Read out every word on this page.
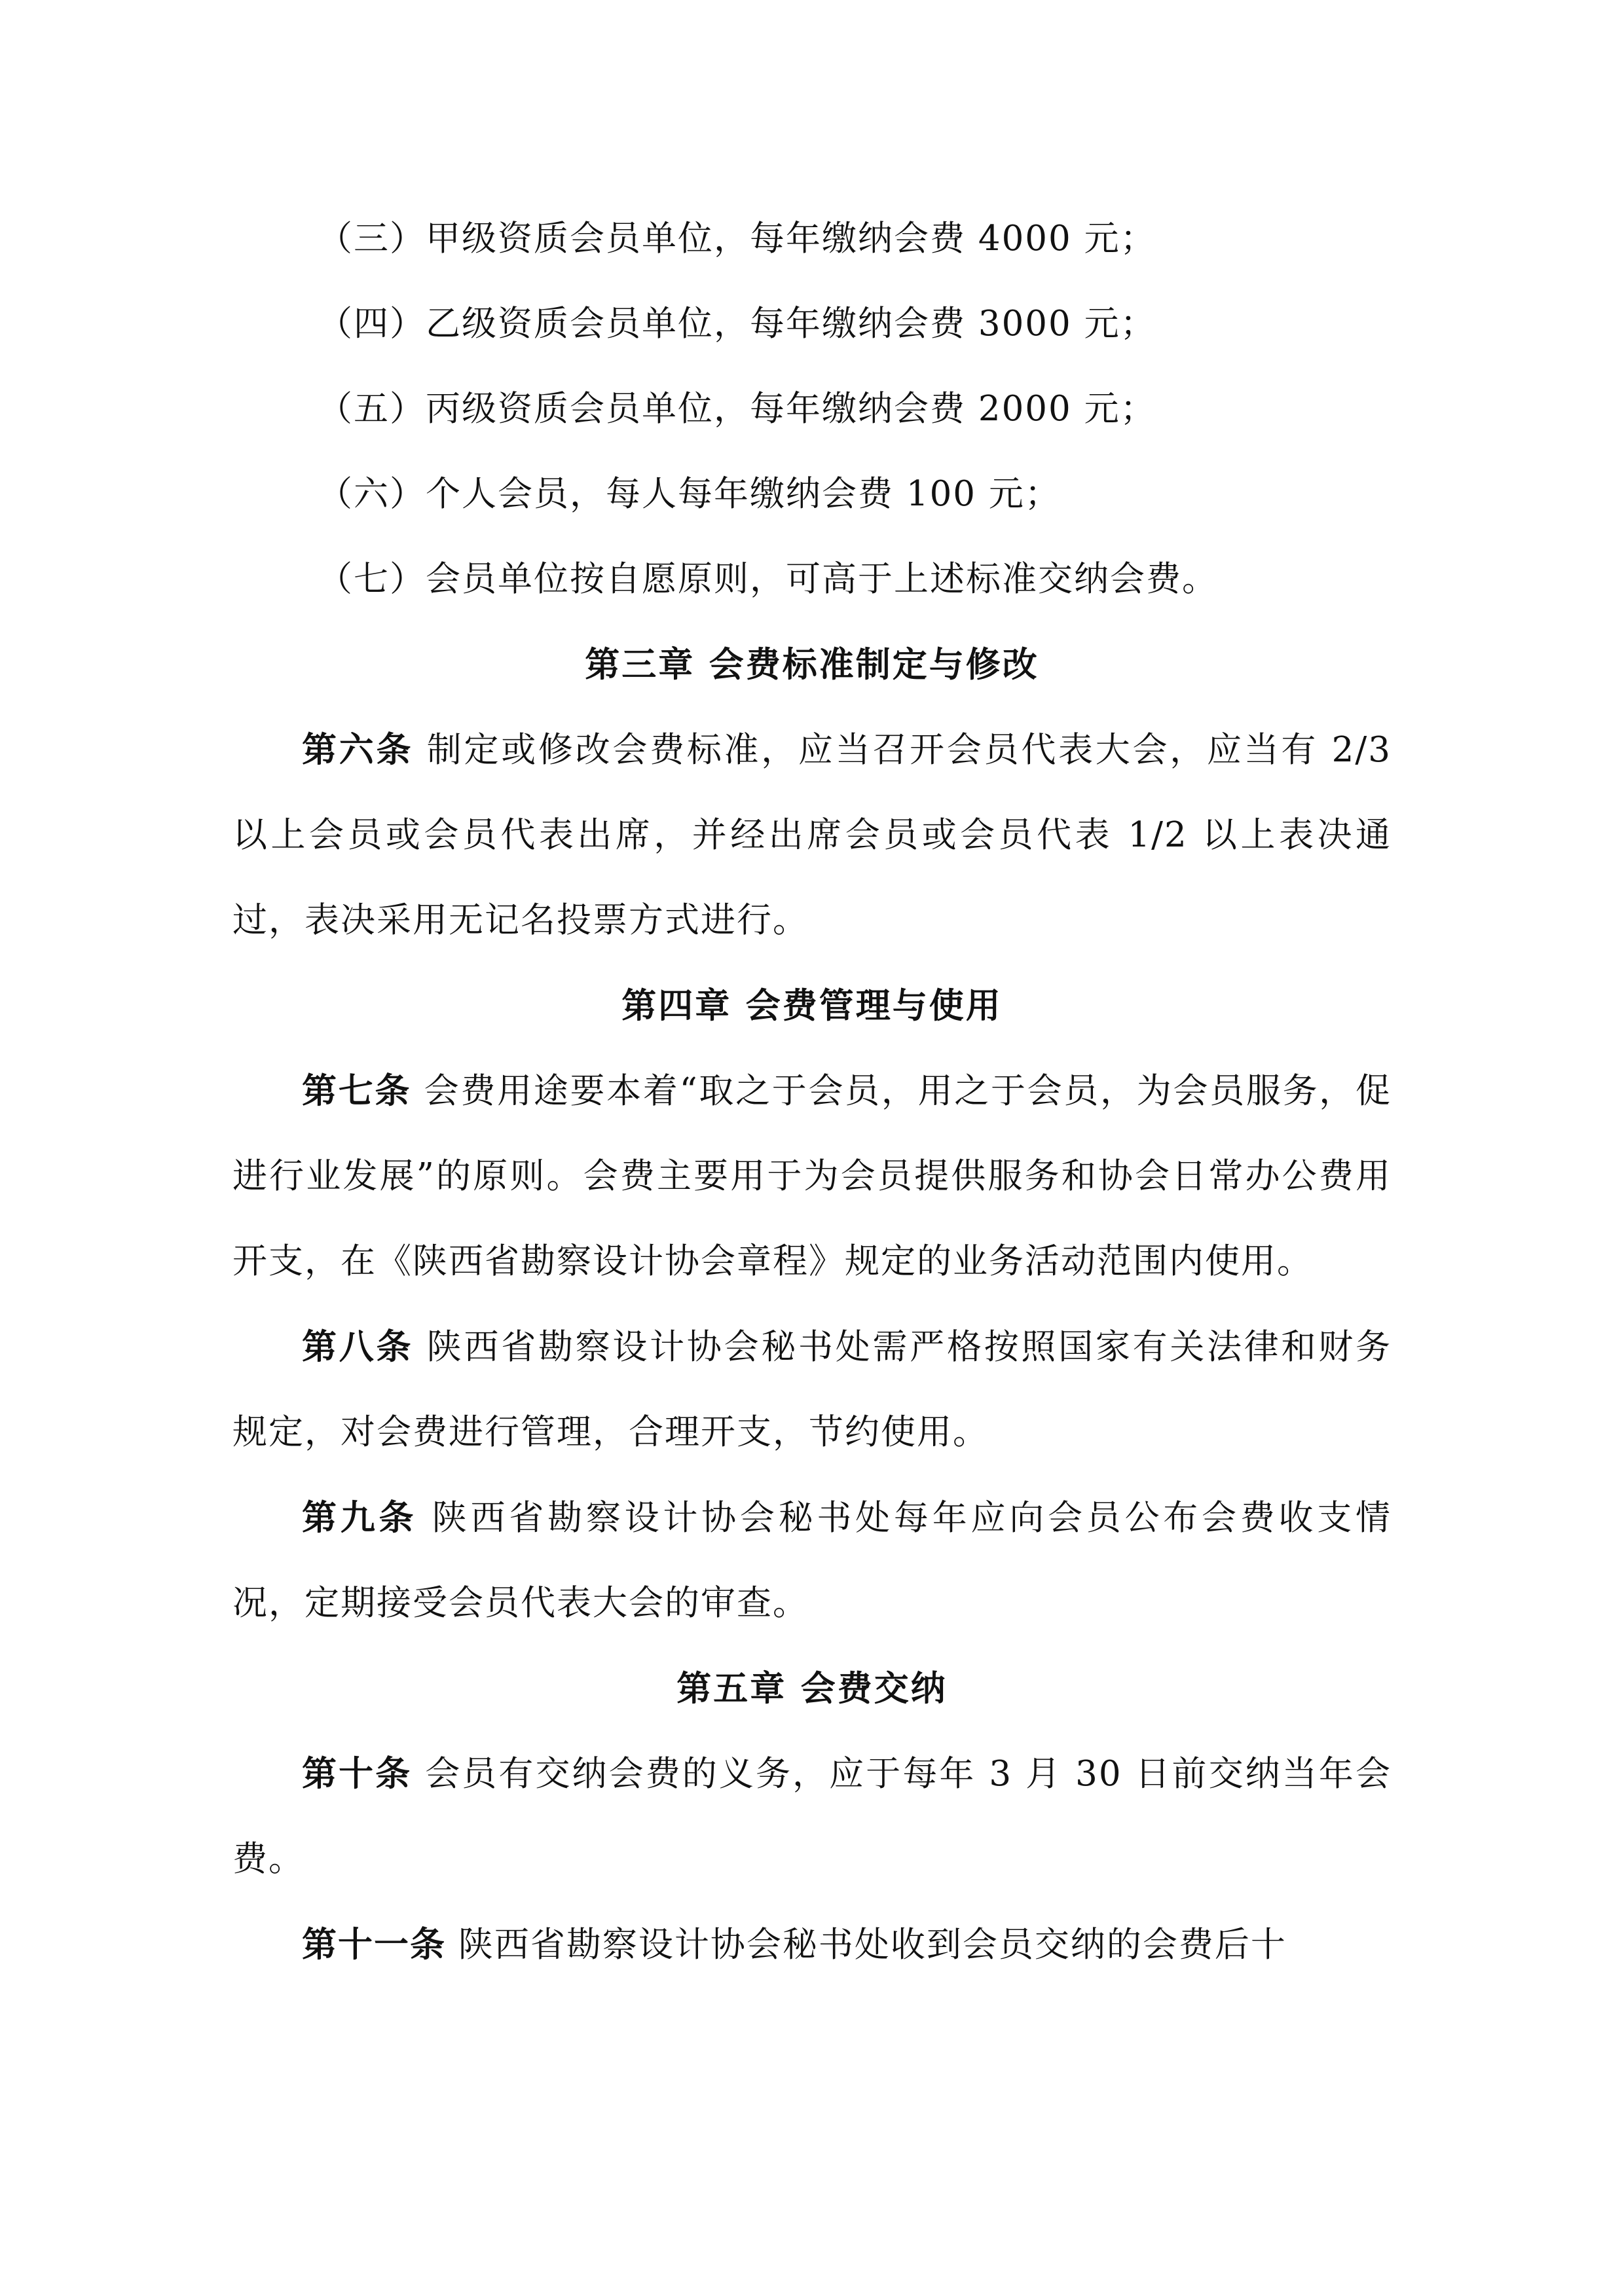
（三）甲级资质会员单位，每年缴纳会费 4000 元；

（四）乙级资质会员单位，每年缴纳会费 3000 元；

（五）丙级资质会员单位，每年缴纳会费 2000 元；

（六）个人会员，每人每年缴纳会费 100 元；

（七）会员单位按自愿原则，可高于上述标准交纳会费。

第三章 会费标准制定与修改

第六条 制定或修改会费标准，应当召开会员代表大会，应当有 2/3 以上会员或会员代表出席，并经出席会员或会员代表 1/2 以上表决通过，表决采用无记名投票方式进行。

第四章 会费管理与使用

第七条 会费用途要本着“取之于会员，用之于会员，为会员服务，促进行业发展”的原则。会费主要用于为会员提供服务和协会日常办公费用开支，在《陕西省勘察设计协会章程》规定的业务活动范围内使用。

第八条 陕西省勘察设计协会秘书处需严格按照国家有关法律和财务规定，对会费进行管理，合理开支，节约使用。

第九条 陕西省勘察设计协会秘书处每年应向会员公布会费收支情况，定期接受会员代表大会的审查。

第五章 会费交纳

第十条 会员有交纳会费的义务，应于每年 3 月 30 日前交纳当年会费。

第十一条 陕西省勘察设计协会秘书处收到会员交纳的会费后十
